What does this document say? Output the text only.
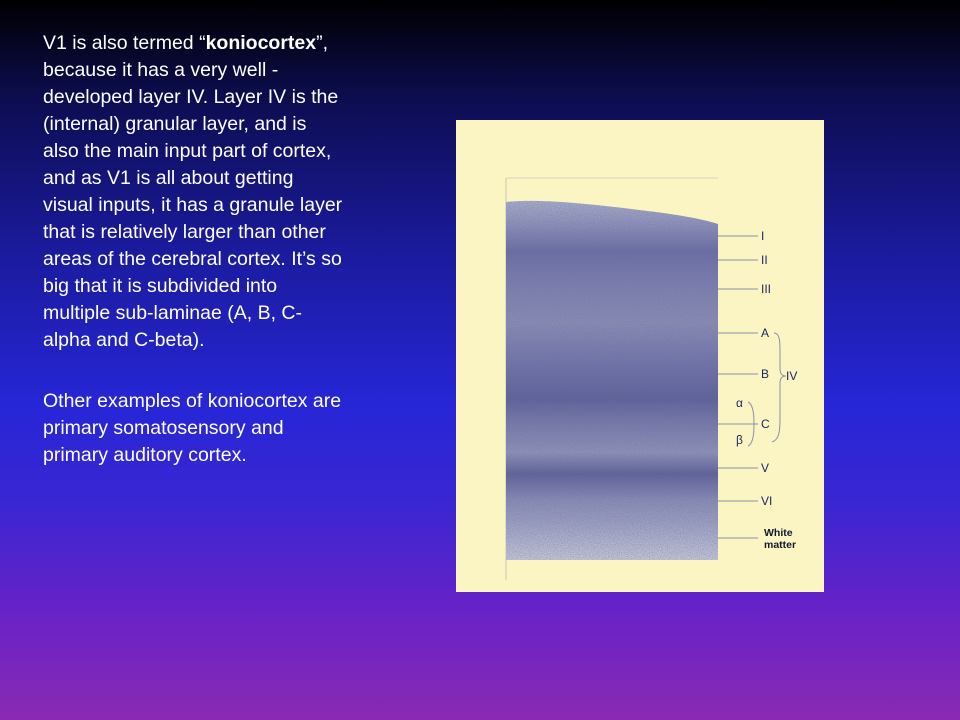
V1 is also termed “koniocortex”, because it has a very well -developed layer IV. Layer IV is the (internal) granular layer, and is also the main input part of cortex, and as V1 is all about getting visual inputs, it has a granule layer that is relatively larger than other areas of the cerebral cortex. It’s so big that it is subdivided into multiple sub-laminae (A, B, C-alpha and C-beta).

Other examples of koniocortex are primary somatosensory and primary auditory cortex.

I
II
III
A
B IV
α
C
β
V
VI
White
matter
